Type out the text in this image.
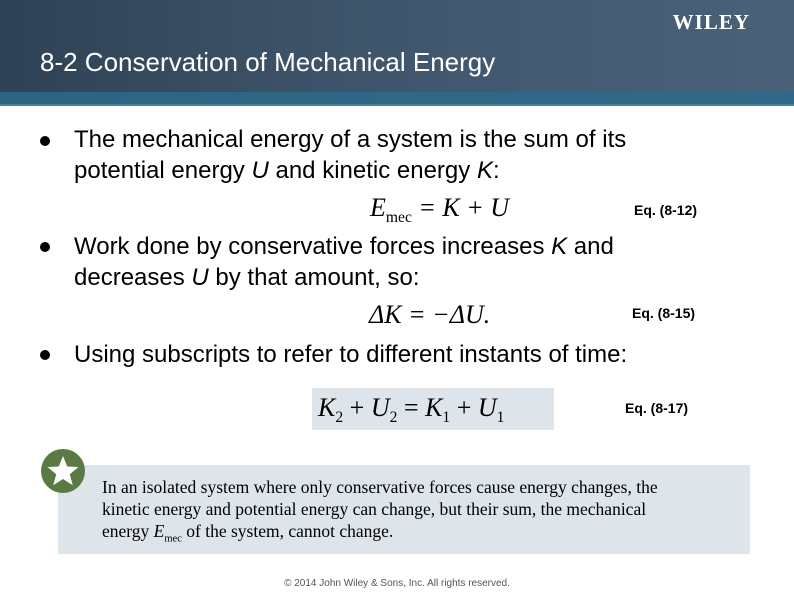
WILEY
8-2 Conservation of Mechanical Energy
The mechanical energy of a system is the sum of its
potential energy U and kinetic energy K:
$E_{mec} = K + U$	Eq. (8-12)
Work done by conservative forces increases K and
decreases U by that amount, so:
ΔK = −ΔU.	Eq. (8-15)
Using subscripts to refer to different instants of time:
$K_2 + U_2 = K_1 + U_1$
Eq. (8-17)
In an isolated system where only conservative forces cause energy changes, the
kinetic energy and potential energy can change, but their sum, the mechanical
energy $E_{mec}$ of the system, cannot change.
© 2014 John Wiley & Sons, Inc. All rights reserved.
